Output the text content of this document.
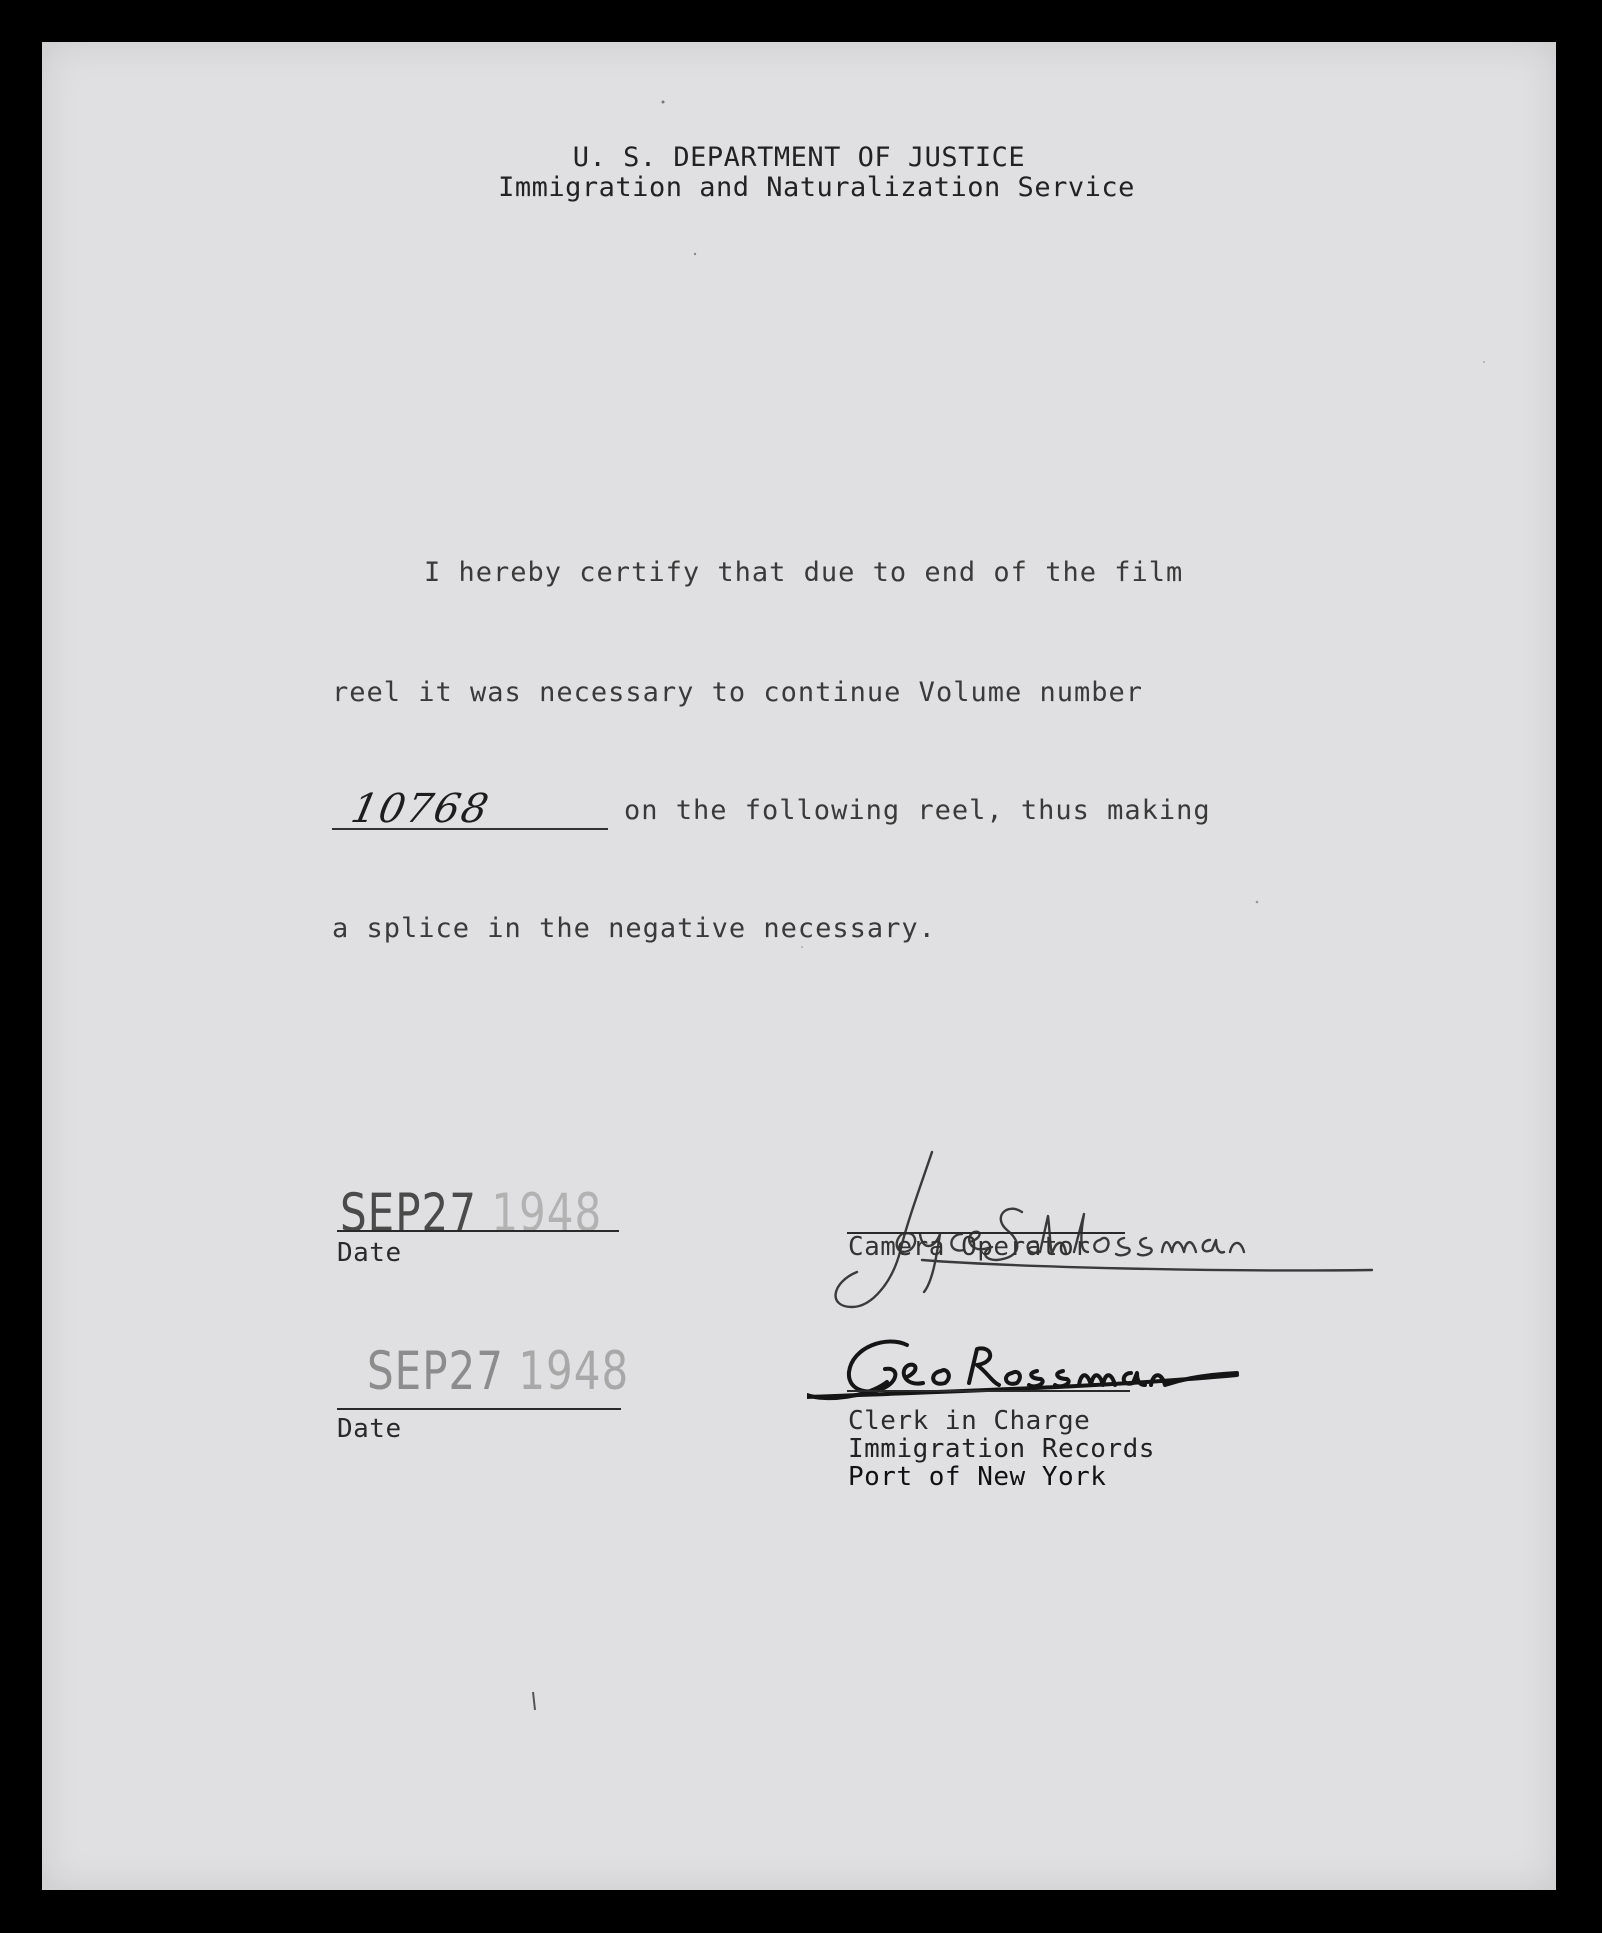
U. S. DEPARTMENT OF JUSTICE
Immigration and Naturalization Service
I hereby certify that due to end of the film
reel it was necessary to continue Volume number
10768	on the following reel, thus making
a splice in the negative necessary.
SEP27 1948
Date	Camera Operator
SEP27 1948
Date	Clerk in Charge
Immigration Records
Port of New York
